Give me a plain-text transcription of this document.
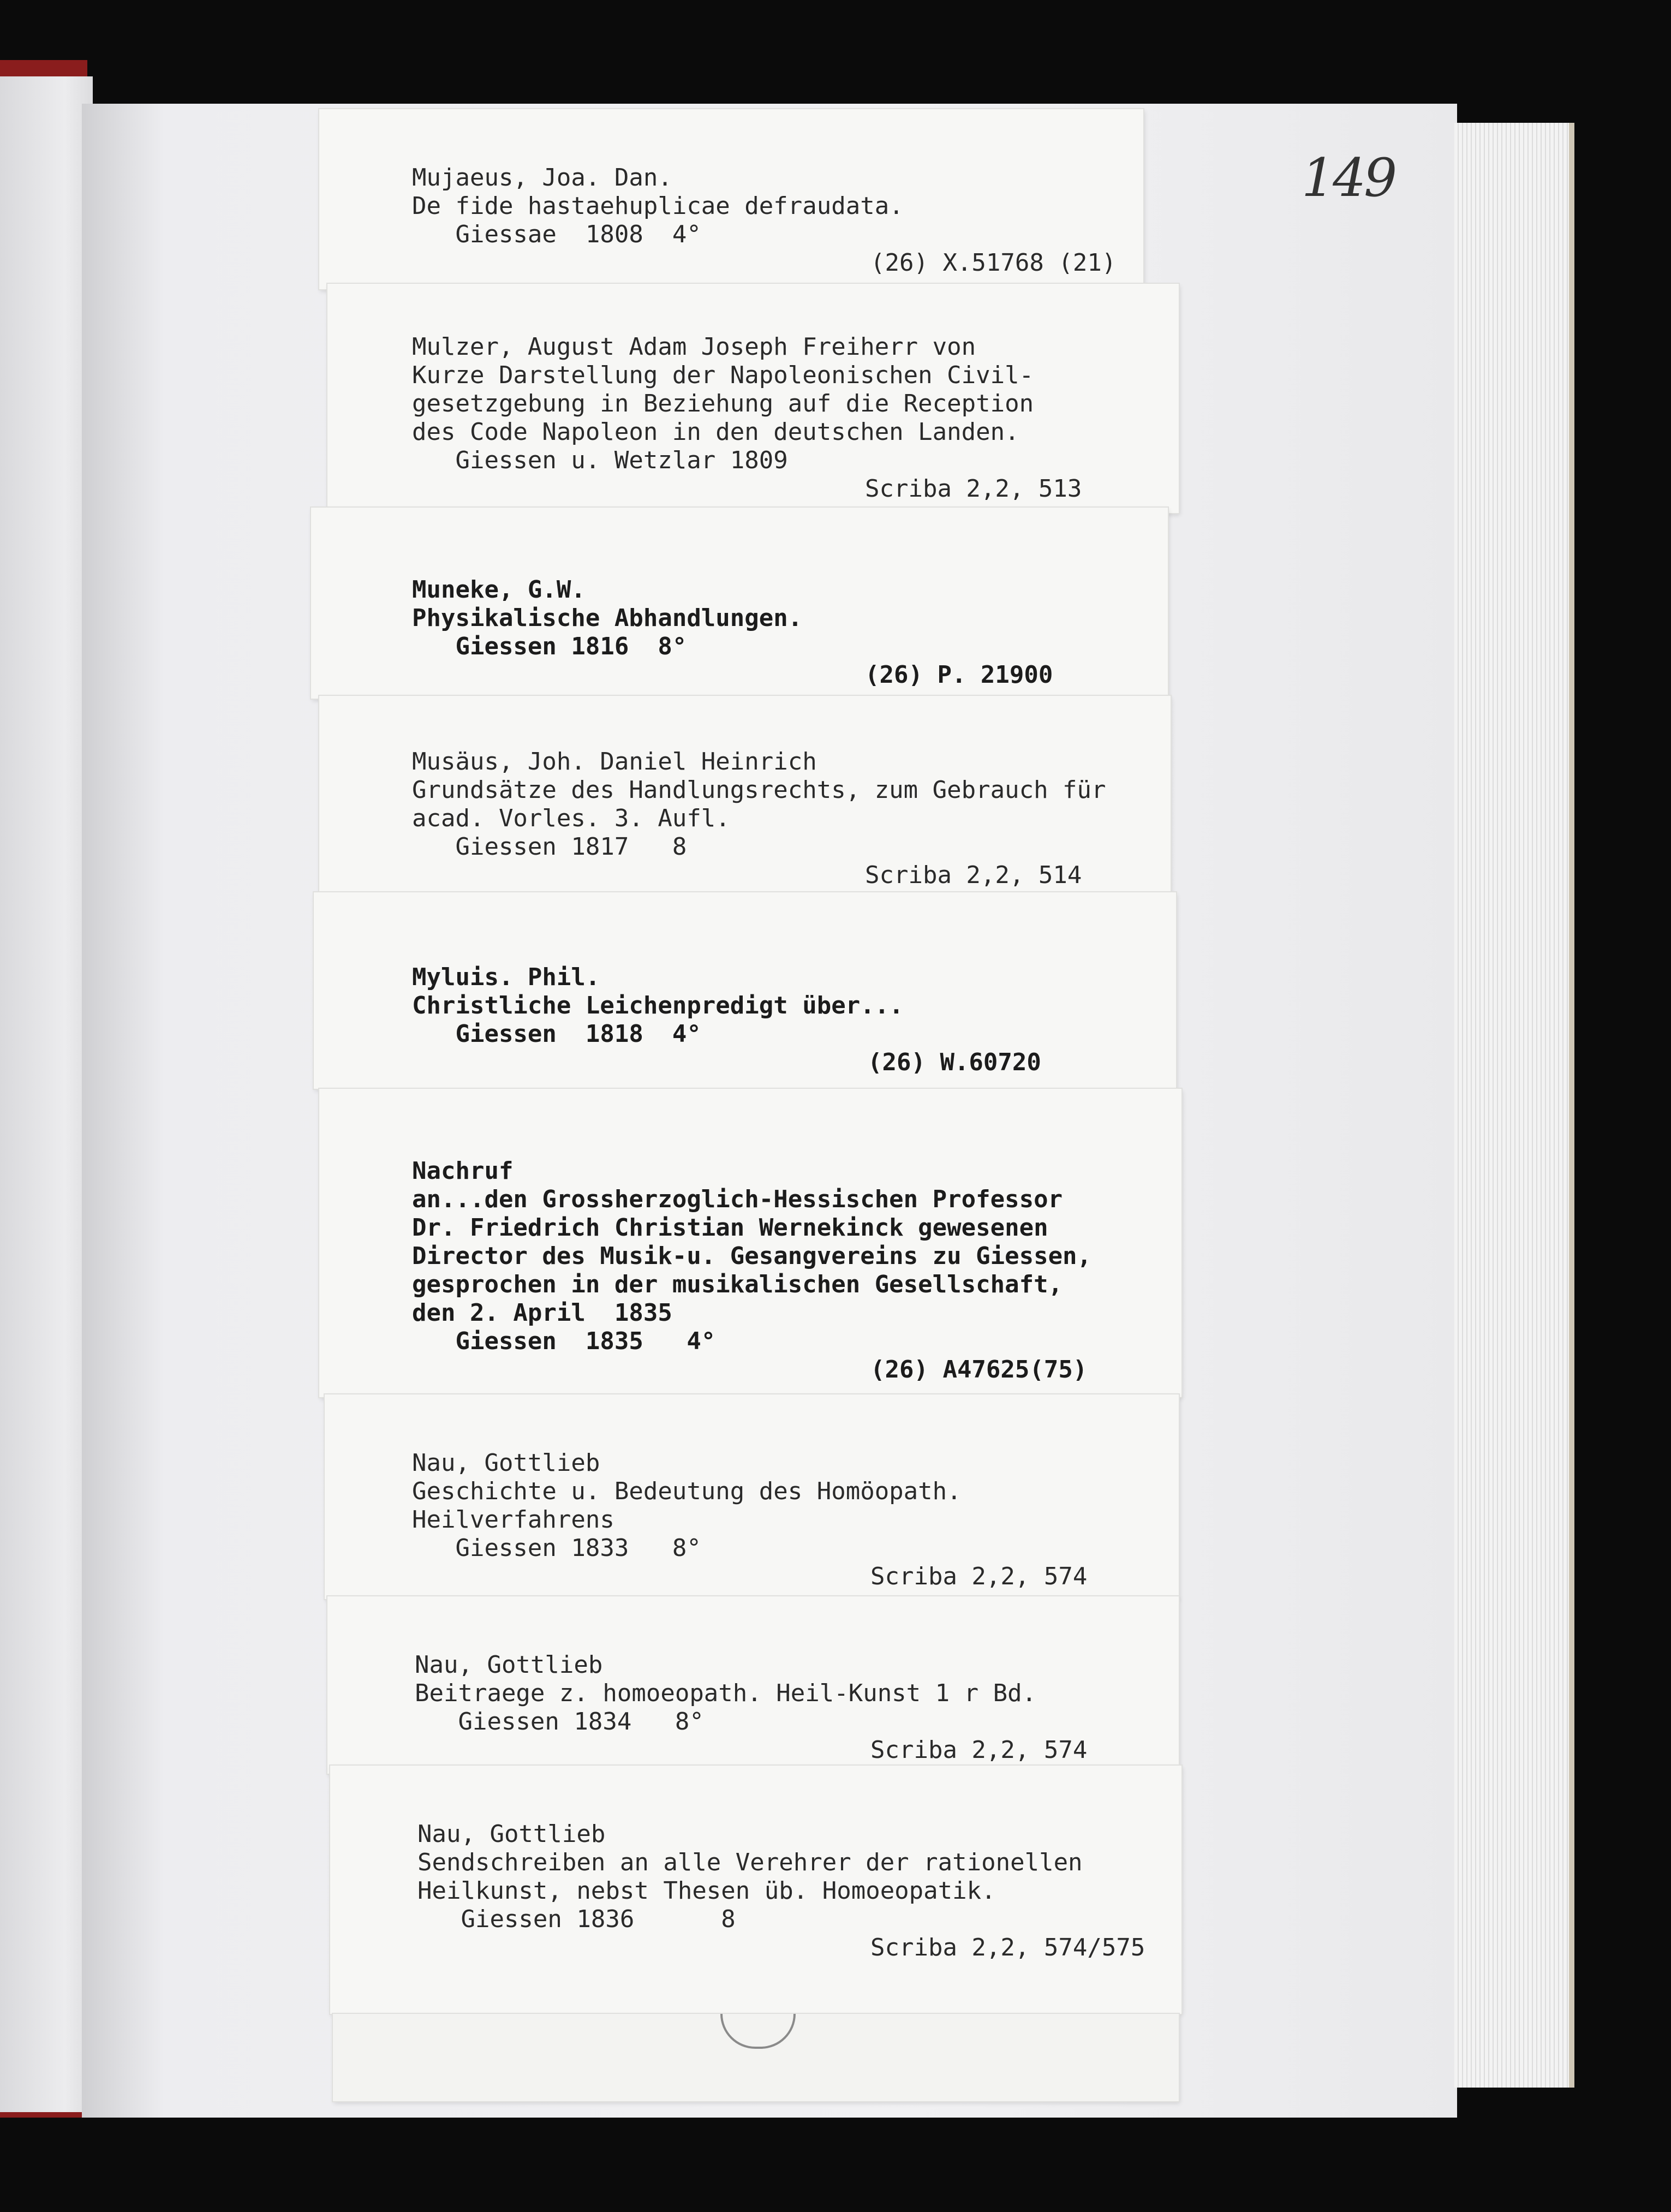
149
Mujaeus, Joa. Dan.
De fide hastaehuplicae defraudata.
Giessae  1808  4°
(26) X.51768 (21)
Mulzer, August Adam Joseph Freiherr von
Kurze Darstellung der Napoleonischen Civil-
gesetzgebung in Beziehung auf die Reception
des Code Napoleon in den deutschen Landen.
Giessen u. Wetzlar 1809
Scriba 2,2, 513
Muneke, G.W.
Physikalische Abhandlungen.
Giessen 1816  8°
(26) P. 21900
Musäus, Joh. Daniel Heinrich
Grundsätze des Handlungsrechts, zum Gebrauch für
acad. Vorles. 3. Aufl.
Giessen 1817   8
Scriba 2,2, 514
Myluis. Phil.
Christliche Leichenpredigt über...
Giessen  1818  4°
(26) W.60720
Nachruf
an...den Grossherzoglich-Hessischen Professor
Dr. Friedrich Christian Wernekinck gewesenen
Director des Musik-u. Gesangvereins zu Giessen,
gesprochen in der musikalischen Gesellschaft,
den 2. April  1835
Giessen  1835   4°
(26) A47625(75)
Nau, Gottlieb
Geschichte u. Bedeutung des Homöopath.
Heilverfahrens
Giessen 1833   8°
Scriba 2,2, 574
Nau, Gottlieb
Beitraege z. homoeopath. Heil-Kunst 1 r Bd.
Giessen 1834   8°
Scriba 2,2, 574
Nau, Gottlieb
Sendschreiben an alle Verehrer der rationellen
Heilkunst, nebst Thesen üb. Homoeopatik.
Giessen 1836      8
Scriba 2,2, 574/575
